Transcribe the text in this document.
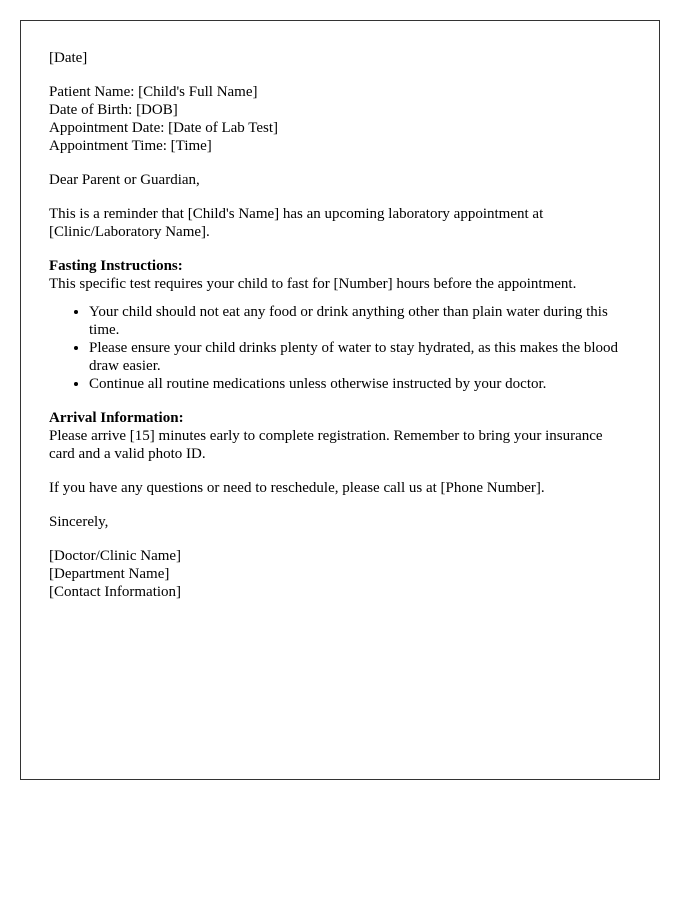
[Date]

Patient Name: [Child's Full Name]
Date of Birth: [DOB]
Appointment Date: [Date of Lab Test]
Appointment Time: [Time]

Dear Parent or Guardian,

This is a reminder that [Child's Name] has an upcoming laboratory appointment at [Clinic/Laboratory Name].

Fasting Instructions:
This specific test requires your child to fast for [Number] hours before the appointment.
• Your child should not eat any food or drink anything other than plain water during this time.
• Please ensure your child drinks plenty of water to stay hydrated, as this makes the blood draw easier.
• Continue all routine medications unless otherwise instructed by your doctor.

Arrival Information:
Please arrive [15] minutes early to complete registration. Remember to bring your insurance card and a valid photo ID.

If you have any questions or need to reschedule, please call us at [Phone Number].

Sincerely,

[Doctor/Clinic Name]
[Department Name]
[Contact Information]
